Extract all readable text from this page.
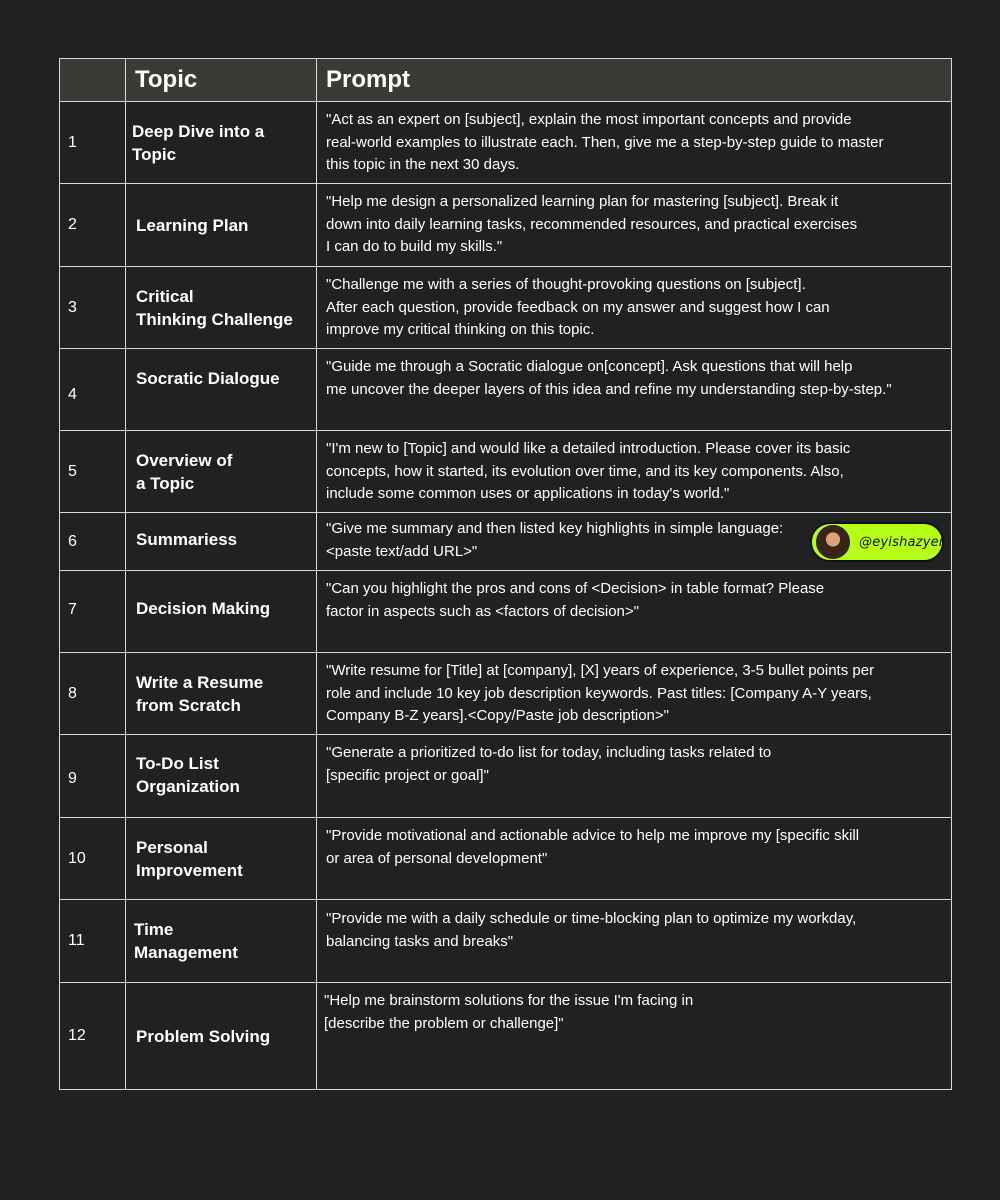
	Topic	Prompt
1	Deep Dive into a Topic	"Act as an expert on [subject], explain the most important concepts and provide
real-world examples to illustrate each. Then, give me a step-by-step guide to master
this topic in the next 30 days.

2	Learning Plan	"Help me design a personalized learning plan for mastering [subject]. Break it
down into daily learning tasks, recommended resources, and practical exercises
I can do to build my skills."

3	Critical
Thinking Challenge	"Challenge me with a series of thought-provoking questions on [subject].
After each question, provide feedback on my answer and suggest how I can
improve my critical thinking on this topic.

4	Socratic Dialogue	"Guide me through a Socratic dialogue on[concept]. Ask questions that will help
me uncover the deeper layers of this idea and refine my understanding step-by-step."

5	Overview of
a Topic	"I'm new to [Topic] and would like a detailed introduction. Please cover its basic
concepts, how it started, its evolution over time, and its key components. Also,
include some common uses or applications in today's world."

6	Summariess	"Give me summary and then listed key highlights in simple language:
<paste text/add URL>"

7	Decision Making	"Can you highlight the pros and cons of <Decision> in table format? Please
factor in aspects such as <factors of decision>"

8	Write a Resume
from Scratch	"Write resume for [Title] at [company], [X] years of experience, 3-5 bullet points per
role and include 10 key job description keywords. Past titles: [Company A-Y years,
Company B-Z years].<Copy/Paste job description>"

9	To-Do List
Organization	"Generate a prioritized to-do list for today, including tasks related to
[specific project or goal]"

10	Personal
Improvement	"Provide motivational and actionable advice to help me improve my [specific skill
or area of personal development"

11	Time
Management	"Provide me with a daily schedule or time-blocking plan to optimize my workday,
balancing tasks and breaks"

12	Problem Solving	"Help me brainstorm solutions for the issue I'm facing in
[describe the problem or challenge]"
@eyishazyer
